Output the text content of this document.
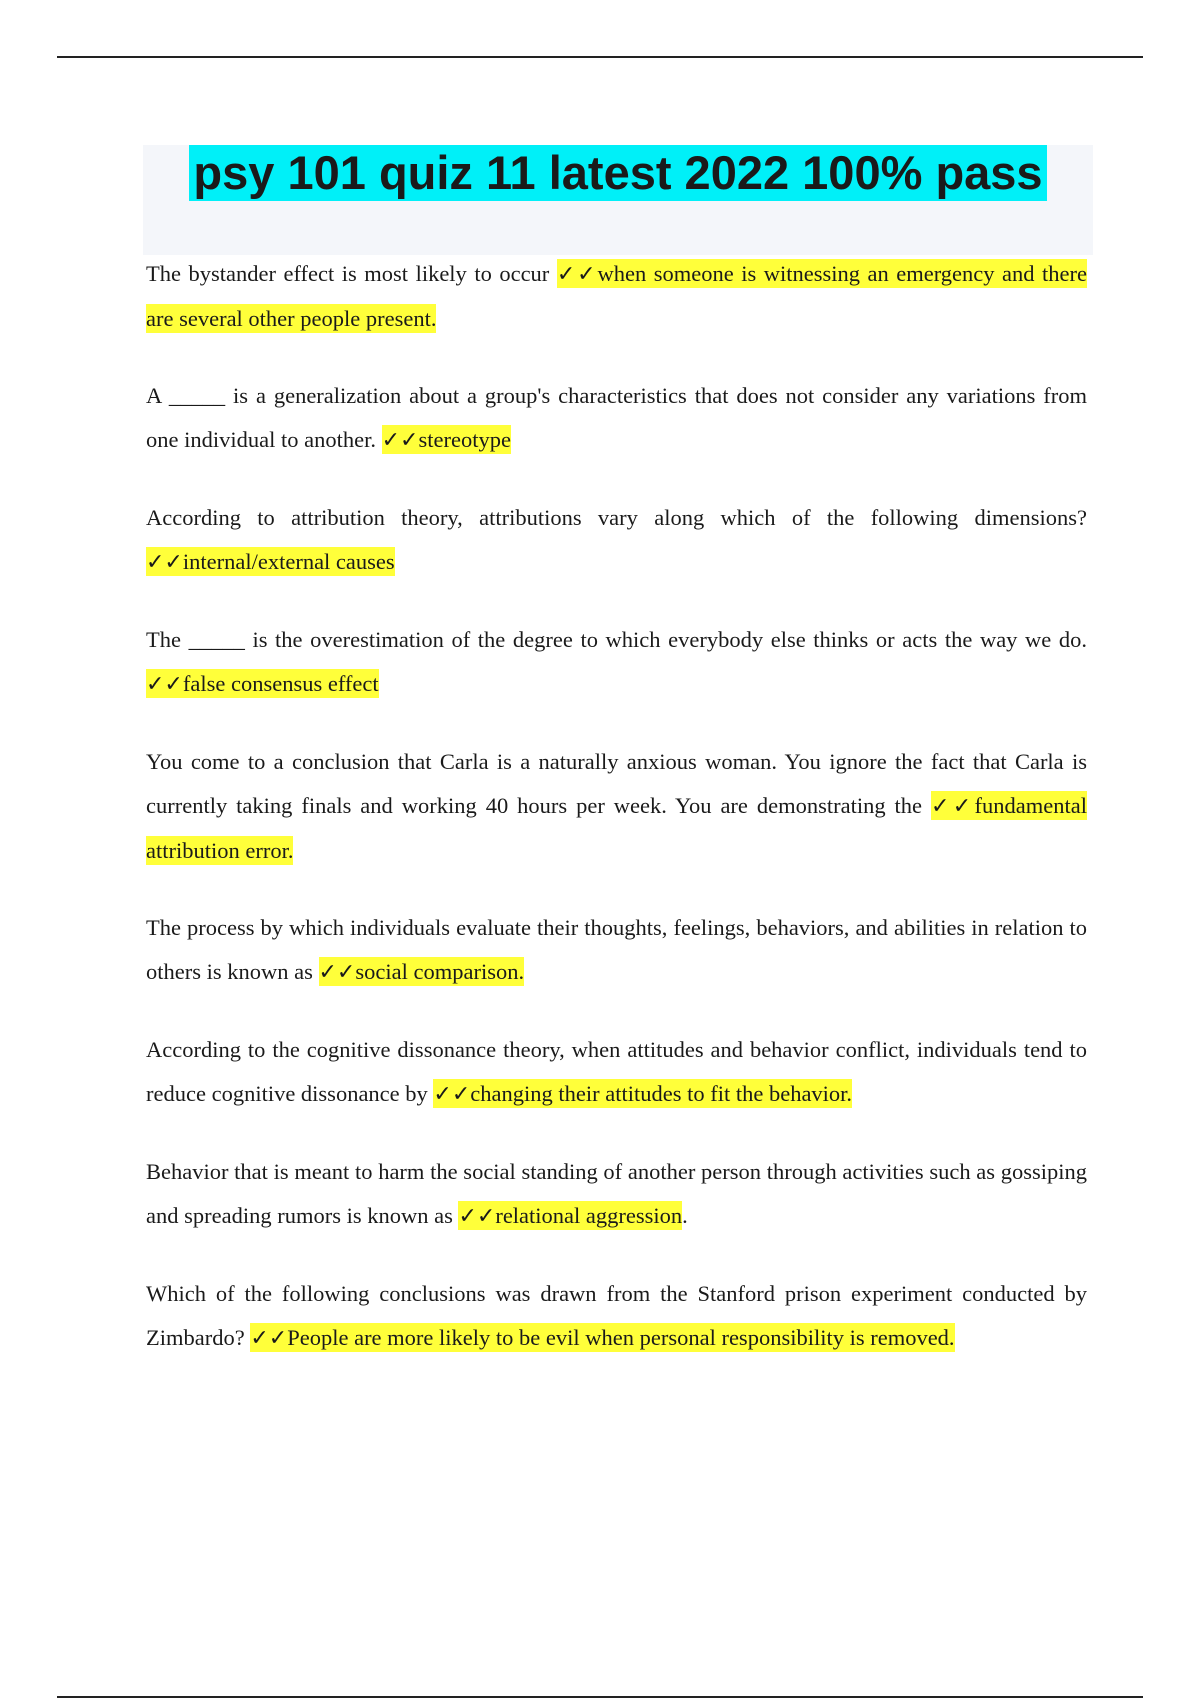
psy 101 quiz 11 latest 2022 100% pass

The bystander effect is most likely to occur ✓✓when someone is witnessing an emergency and there are several other people present.

A _____ is a generalization about a group's characteristics that does not consider any variations from one individual to another. ✓✓stereotype

According to attribution theory, attributions vary along which of the following dimensions? ✓✓internal/external causes

The _____ is the overestimation of the degree to which everybody else thinks or acts the way we do. ✓✓false consensus effect

You come to a conclusion that Carla is a naturally anxious woman. You ignore the fact that Carla is currently taking finals and working 40 hours per week. You are demonstrating the ✓✓fundamental attribution error.

The process by which individuals evaluate their thoughts, feelings, behaviors, and abilities in relation to others is known as ✓✓social comparison.

According to the cognitive dissonance theory, when attitudes and behavior conflict, individuals tend to reduce cognitive dissonance by ✓✓changing their attitudes to fit the behavior.

Behavior that is meant to harm the social standing of another person through activities such as gossiping and spreading rumors is known as ✓✓relational aggression.

Which of the following conclusions was drawn from the Stanford prison experiment conducted by Zimbardo? ✓✓People are more likely to be evil when personal responsibility is removed.
